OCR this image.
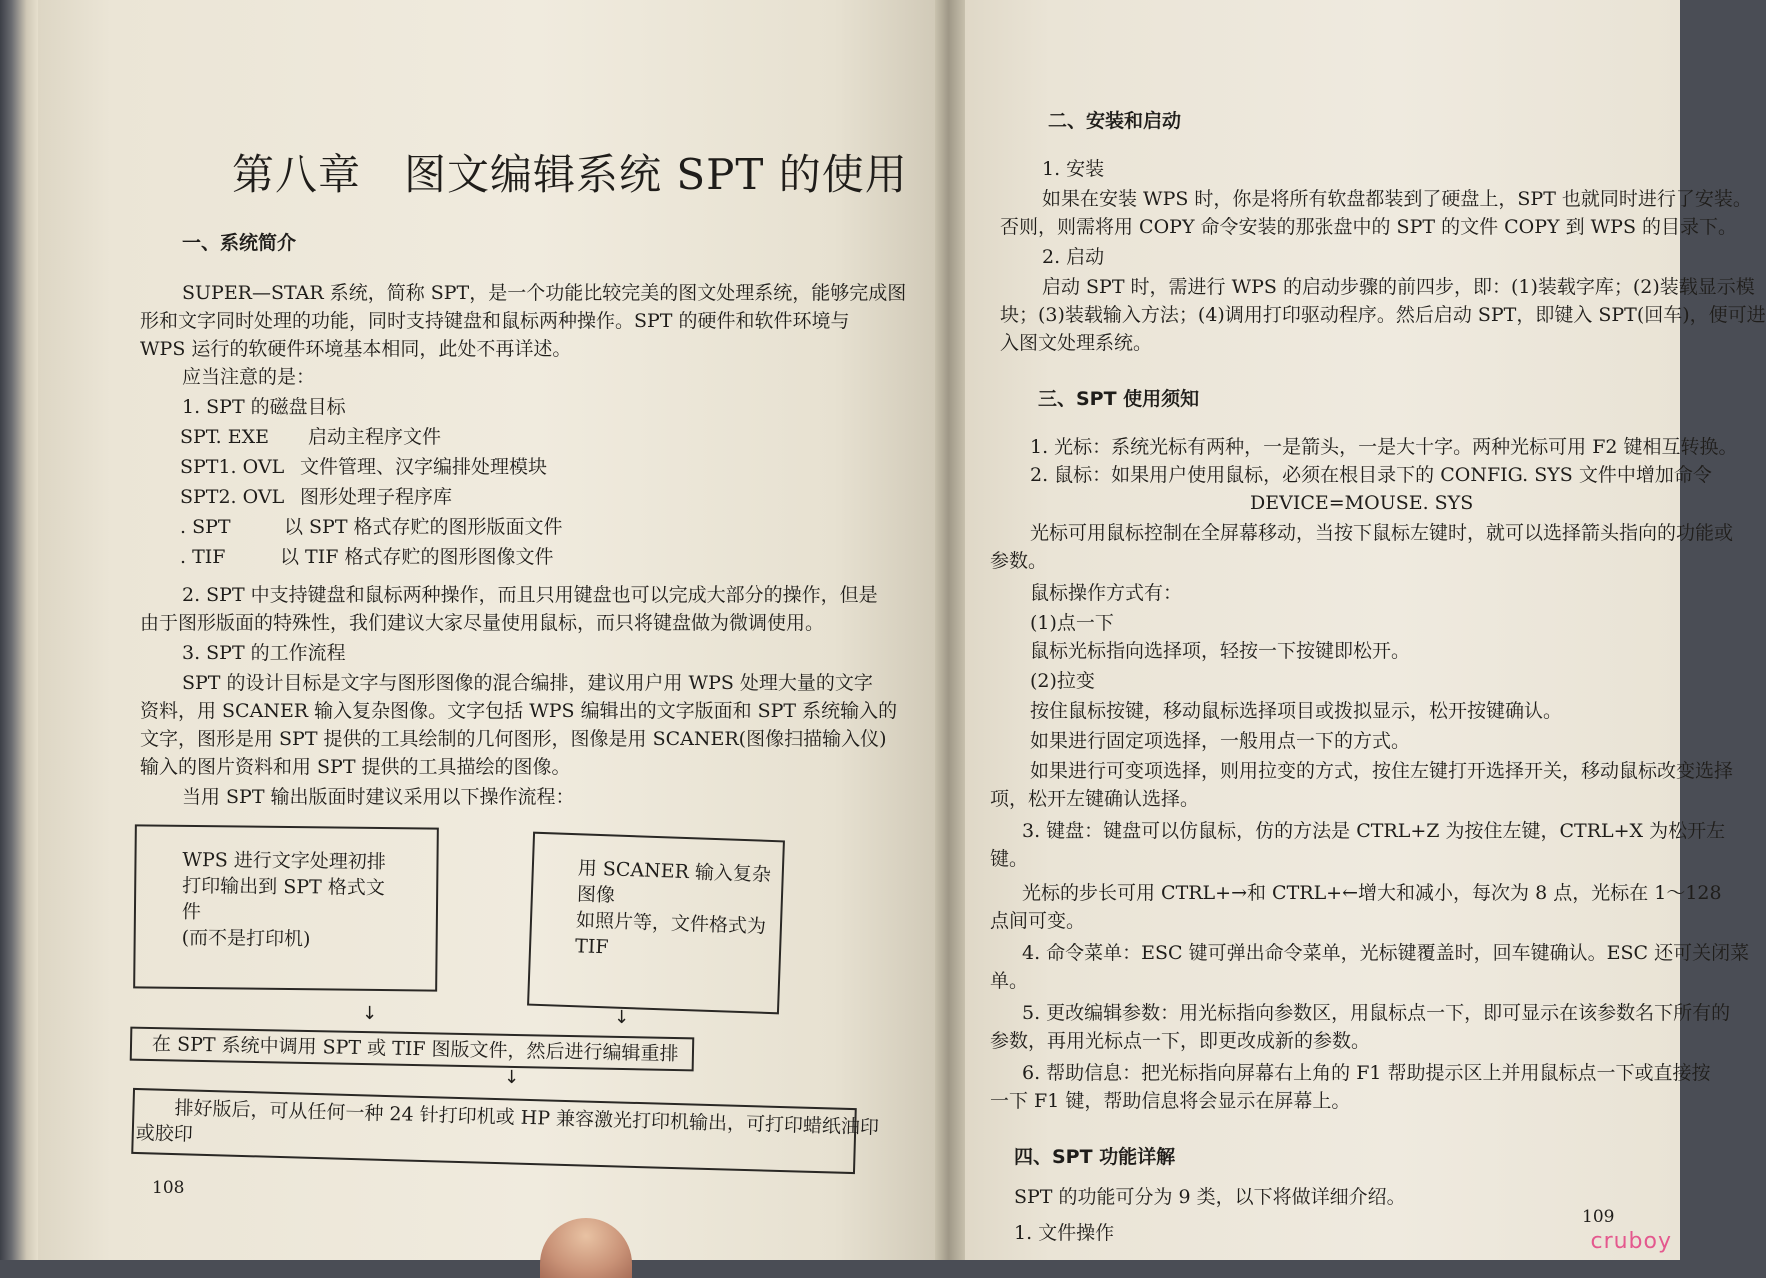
第八章　图文编辑系统 SPT 的使用
一、系统简介
SUPER—STAR 系统，简称 SPT，是一个功能比较完美的图文处理系统，能够完成图
形和文字同时处理的功能，同时支持键盘和鼠标两种操作。SPT 的硬件和软件环境与
WPS 运行的软硬件环境基本相同，此处不再详述。
应当注意的是：
1. SPT 的磁盘目标
SPT. EXE 启动主程序文件
SPT1. OVL 文件管理、汉字编排处理模块
SPT2. OVL 图形处理子程序库
. SPT	以 SPT 格式存贮的图形版面文件
. TIF	以 TIF 格式存贮的图形图像文件
2. SPT 中支持键盘和鼠标两种操作，而且只用键盘也可以完成大部分的操作，但是
由于图形版面的特殊性，我们建议大家尽量使用鼠标，而只将键盘做为微调使用。
3. SPT 的工作流程
SPT 的设计目标是文字与图形图像的混合编排，建议用户用 WPS 处理大量的文字
资料，用 SCANER 输入复杂图像。文字包括 WPS 编辑出的文字版面和 SPT 系统输入的
文字，图形是用 SPT 提供的工具绘制的几何图形，图像是用 SCANER(图像扫描输入仪)
输入的图片资料和用 SPT 提供的工具描绘的图像。
当用 SPT 输出版面时建议采用以下操作流程：
WPS 进行文字处理初排
打印输出到 SPT 格式文
件
(而不是打印机)
用 SCANER 输入复杂
图像
如照片等，文件格式为
TIF
↓	↓
在 SPT 系统中调用 SPT 或 TIF 图版文件，然后进行编辑重排
↓
排好版后，可从任何一种 24 针打印机或 HP 兼容激光打印机输出，可打印蜡纸油印
或胶印
108
二、安装和启动
1. 安装
如果在安装 WPS 时，你是将所有软盘都装到了硬盘上，SPT 也就同时进行了安装。
否则，则需将用 COPY 命令安装的那张盘中的 SPT 的文件 COPY 到 WPS 的目录下。
2. 启动
启动 SPT 时，需进行 WPS 的启动步骤的前四步，即：(1)装载字库；(2)装载显示模
块；(3)装载输入方法；(4)调用打印驱动程序。然后启动 SPT，即键入 SPT(回车)，便可进
入图文处理系统。
三、SPT 使用须知
1. 光标：系统光标有两种，一是箭头，一是大十字。两种光标可用 F2 键相互转换。
2. 鼠标：如果用户使用鼠标，必须在根目录下的 CONFIG. SYS 文件中增加命令
DEVICE=MOUSE. SYS
光标可用鼠标控制在全屏幕移动，当按下鼠标左键时，就可以选择箭头指向的功能或
参数。
鼠标操作方式有：
(1)点一下
鼠标光标指向选择项，轻按一下按键即松开。
(2)拉变
按住鼠标按键，移动鼠标选择项目或拨拟显示，松开按键确认。
如果进行固定项选择，一般用点一下的方式。
如果进行可变项选择，则用拉变的方式，按住左键打开选择开关，移动鼠标改变选择
项，松开左键确认选择。
3. 键盘：键盘可以仿鼠标，仿的方法是 CTRL+Z 为按住左键，CTRL+X 为松开左
键。
光标的步长可用 CTRL+→和 CTRL+←增大和减小，每次为 8 点，光标在 1～128
点间可变。
4. 命令菜单：ESC 键可弹出命令菜单，光标键覆盖时，回车键确认。ESC 还可关闭菜
单。
5. 更改编辑参数：用光标指向参数区，用鼠标点一下，即可显示在该参数名下所有的
参数，再用光标点一下，即更改成新的参数。
6. 帮助信息：把光标指向屏幕右上角的 F1 帮助提示区上并用鼠标点一下或直接按
一下 F1 键，帮助信息将会显示在屏幕上。
四、SPT 功能详解
SPT 的功能可分为 9 类，以下将做详细介绍。
1. 文件操作
109
cruboy
